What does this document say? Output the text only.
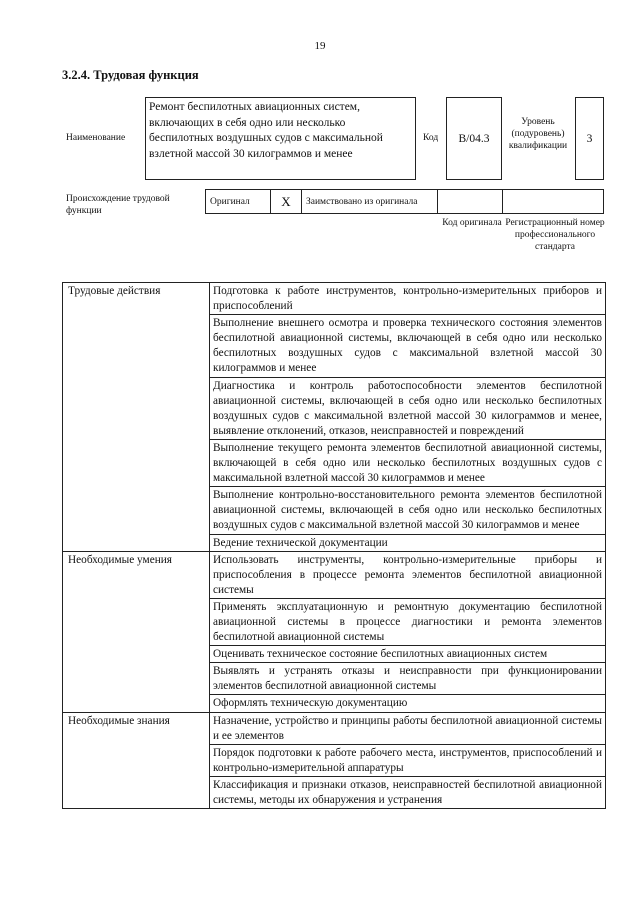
19
3.2.4. Трудовая функция
Наименование
Ремонт беспилотных авиационных систем, включающих в себя одно или несколько беспилотных воздушных судов с максимальной взлетной массой 30 килограммов и менее
Код B/04.3
Уровень (подуровень) квалификации
3
Происхождение трудовой функции
Оригинал	X	Заимствовано из оригинала		
Код оригинала Регистрационный номер профессионального стандарта
Трудовые действия	Подготовка к работе инструментов, контрольно-измерительных приборов и приспособлений
	Выполнение внешнего осмотра и проверка технического состояния элементов беспилотной авиационной системы, включающей в себя одно или несколько беспилотных воздушных судов с максимальной взлетной массой 30 килограммов и менее
	Диагностика и контроль работоспособности элементов беспилотной авиационной системы, включающей в себя одно или несколько беспилотных воздушных судов с максимальной взлетной массой 30 килограммов и менее, выявление отклонений, отказов, неисправностей и повреждений
	Выполнение текущего ремонта элементов беспилотной авиационной системы, включающей в себя одно или несколько беспилотных воздушных судов с максимальной взлетной массой 30 килограммов и менее
	Выполнение контрольно-восстановительного ремонта элементов беспилотной авиационной системы, включающей в себя одно или несколько беспилотных воздушных судов с максимальной взлетной массой 30 килограммов и менее
	Ведение технической документации
Необходимые умения	Использовать инструменты, контрольно-измерительные приборы и приспособления в процессе ремонта элементов беспилотной авиационной системы
	Применять эксплуатационную и ремонтную документацию беспилотной авиационной системы в процессе диагностики и ремонта элементов беспилотной авиационной системы
	Оценивать техническое состояние беспилотных авиационных систем
	Выявлять и устранять отказы и неисправности при функционировании элементов беспилотной авиационной системы
	Оформлять техническую документацию
Необходимые знания	Назначение, устройство и принципы работы беспилотной авиационной системы и ее элементов
	Порядок подготовки к работе рабочего места, инструментов, приспособлений и контрольно-измерительной аппаратуры
	Классификация и признаки отказов, неисправностей беспилотной авиационной системы, методы их обнаружения и устранения
